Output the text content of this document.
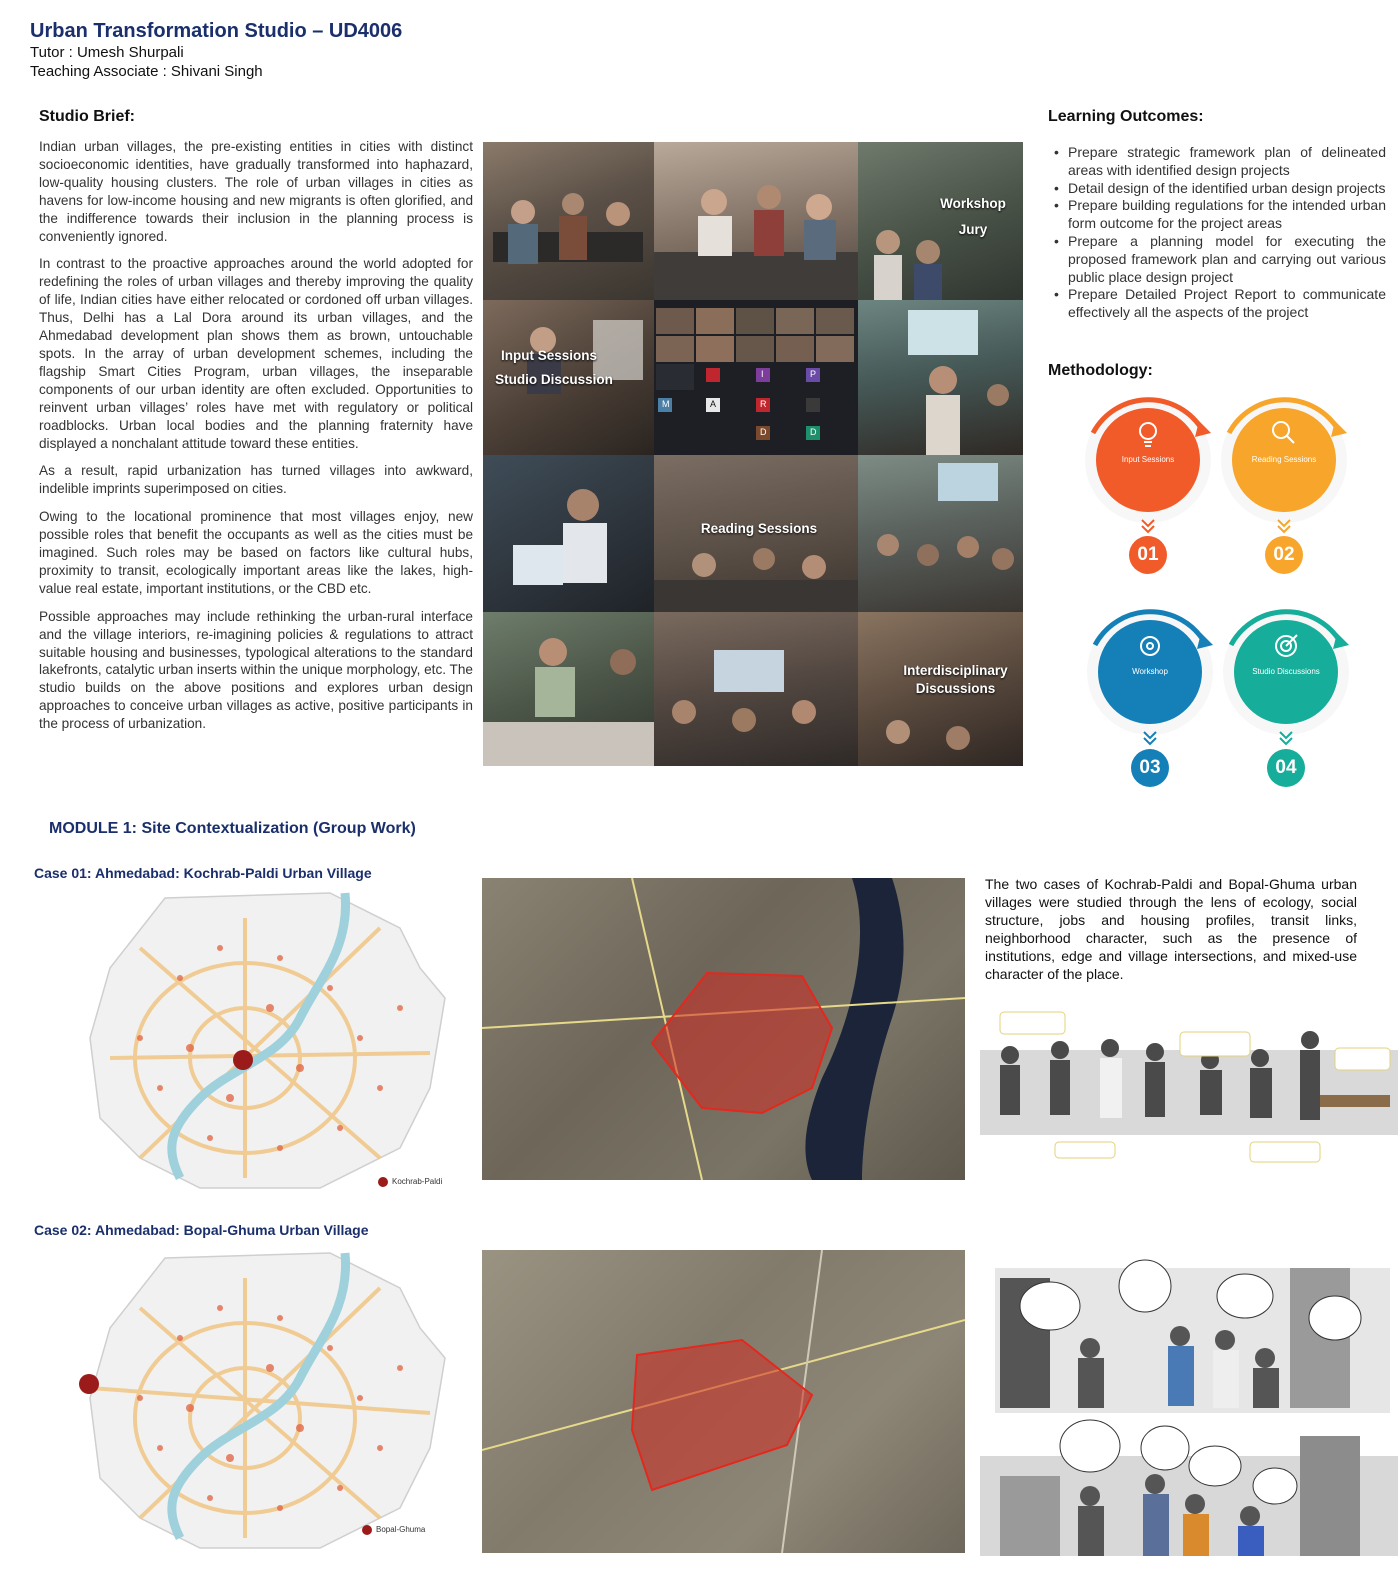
Urban Transformation Studio – UD4006
Tutor : Umesh Shurpali
Teaching Associate : Shivani Singh
Studio Brief:

Indian urban villages, the pre-existing entities in cities with distinct socioeconomic identities, have gradually transformed into haphazard, low-quality housing clusters. The role of urban villages in cities as havens for low-income housing and new migrants is often glorified, and the indifference towards their inclusion in the planning process is conveniently ignored.

In contrast to the proactive approaches around the world adopted for redefining the roles of urban villages and thereby improving the quality of life, Indian cities have either relocated or cordoned off urban villages. Thus, Delhi has a Lal Dora around its urban villages, and the Ahmedabad development plan shows them as brown, untouchable spots. In the array of urban development schemes, including the flagship Smart Cities Program, urban villages, the inseparable components of our urban identity are often excluded. Opportunities to reinvent urban villages’ roles have met with regulatory or political roadblocks. Urban local bodies and the planning fraternity have displayed a nonchalant attitude toward these entities.

As a result, rapid urbanization has turned villages into awkward, indelible imprints superimposed on cities.

Owing to the locational prominence that most villages enjoy, new possible roles that benefit the occupants as well as the cities must be imagined. Such roles may be based on factors like cultural hubs, proximity to transit, ecologically important areas like the lakes, high-value real estate, important institutions, or the CBD etc.

Possible approaches may include rethinking the urban-rural interface and the village interiors, re-imagining policies & regulations to attract suitable housing and businesses, typological alterations to the standard lakefronts, catalytic urban inserts within the unique morphology, etc. The studio builds on the above positions and explores urban design approaches to conceive urban villages as active, positive participants in the process of urbanization.

Workshop
Jury
Input Sessions
Studio Discussion
M	A	R
I	P
D	D
Reading Sessions
Interdisciplinary
Discussions
Learning Outcomes:
• Prepare strategic framework plan of delineated areas with identified design projects
• Detail design of the identified urban design projects
• Prepare building regulations for the intended urban form outcome for the project areas
• Prepare a planning model for executing the proposed framework plan and carrying out various public place design project
• Prepare Detailed Project Report to communicate effectively all the aspects of the project
Methodology:
Input Sessions	Reading Sessions
Workshop	Studio Discussions
01	02
03	04
MODULE 1: Site Contextualization (Group Work)
Case 01: Ahmedabad: Kochrab-Paldi Urban Village
Kochrab-Paldi
The two cases of Kochrab-Paldi and Bopal-Ghuma urban villages were studied through the lens of ecology, social structure, jobs and housing profiles, transit links, neighborhood character, such as the presence of institutions, edge and village intersections, and mixed-use character of the place.
Case 02: Ahmedabad: Bopal-Ghuma Urban Village
Bopal-Ghuma
